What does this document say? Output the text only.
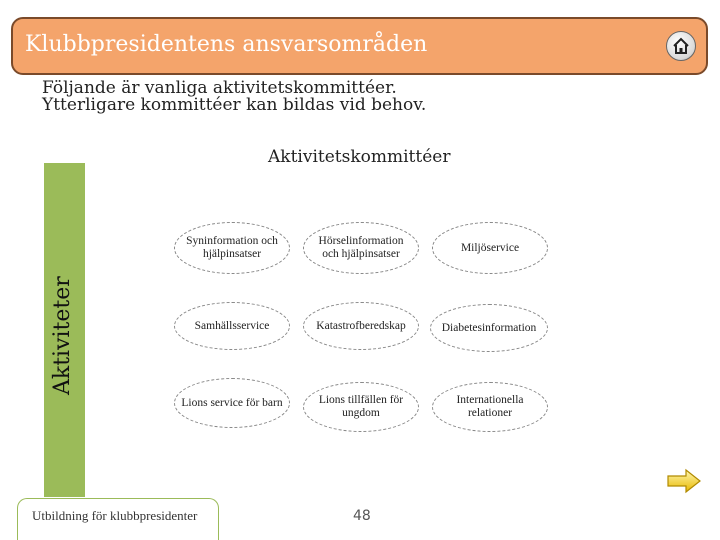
Klubbpresidentens ansvarsområden
Följande är vanliga aktivitetskommittéer.
Ytterligare kommittéer kan bildas vid behov.
Aktivitetskommittéer
Aktiviteter
Syninformation och hjälpinsatser
Hörselinformation och hjälpinsatser
Miljöservice
Samhällsservice	Katastrofberedskap	Diabetesinformation
Lions service för barn	Lions tillfällen för ungdom
Internationella relationer
Utbildning för klubbpresidenter	48
